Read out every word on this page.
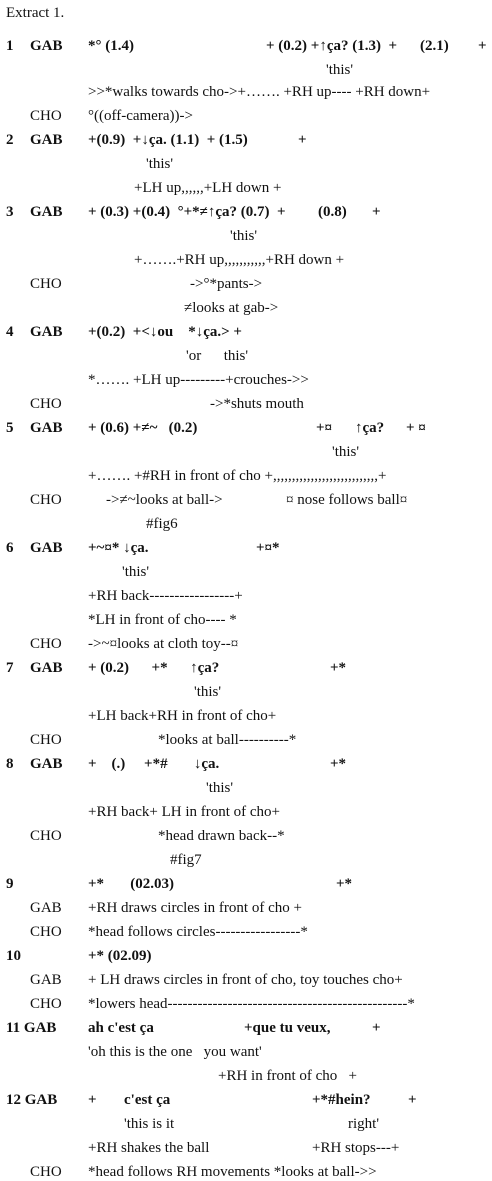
Extract 1.
1 GAB *° (1.4)	+ (0.2) +↑ça? (1.3)  + (2.1) +
'this'
>>*walks towards cho->+……. +RH up---- +RH down+
CHO °((off-camera))->
2 GAB +(0.9)  +↓ça. (1.1)  + (1.5)	+
'this'
+LH up,,,,,,+LH down +
3 GAB + (0.3) +(0.4)  °+*≠↑ça? (0.7)  + (0.8) +
'this'
+…….+RH up,,,,,,,,,,,+RH down +
CHO	->°*pants->
≠looks at gab->
4 GAB +(0.2)  +<↓ou    *↓ça.> +
'or      this'
*……. +LH up---------+crouches->>
CHO	->*shuts mouth
5 GAB + (0.6) +≠~   (0.2)	+¤ ↑ça? + ¤
'this'
+……. +#RH in front of cho +,,,,,,,,,,,,,,,,,,,,,,,,,,,,+
CHO	->≠~looks at ball->	¤ nose follows ball¤
#fig6
6 GAB +~¤* ↓ça.	+¤*
'this'
+RH back-----------------+
*LH in front of cho---- *
CHO ->~¤looks at cloth toy--¤
7 GAB + (0.2)      +*      ↑ça?	+*
'this'
+LH back+RH in front of cho+
CHO	*looks at ball----------*
8 GAB +    (.)     +*#       ↓ça.	+*
'this'
+RH back+ LH in front of cho+
CHO	*head drawn back--*
#fig7
9	+*       (02.03)	+*
GAB +RH draws circles in front of cho +
CHO *head follows circles-----------------*
10	+* (02.09)
GAB + LH draws circles in front of cho, toy touches cho+
CHO *lowers head------------------------------------------------*
11 GAB ah c'est ça	+que tu veux,	+
'oh this is the one   you want'
+RH in front of cho   +
12 GAB + c'est ça	+*#hein? +
'this is it	right'
+RH shakes the ball	+RH stops---+
CHO *head follows RH movements *looks at ball->>
